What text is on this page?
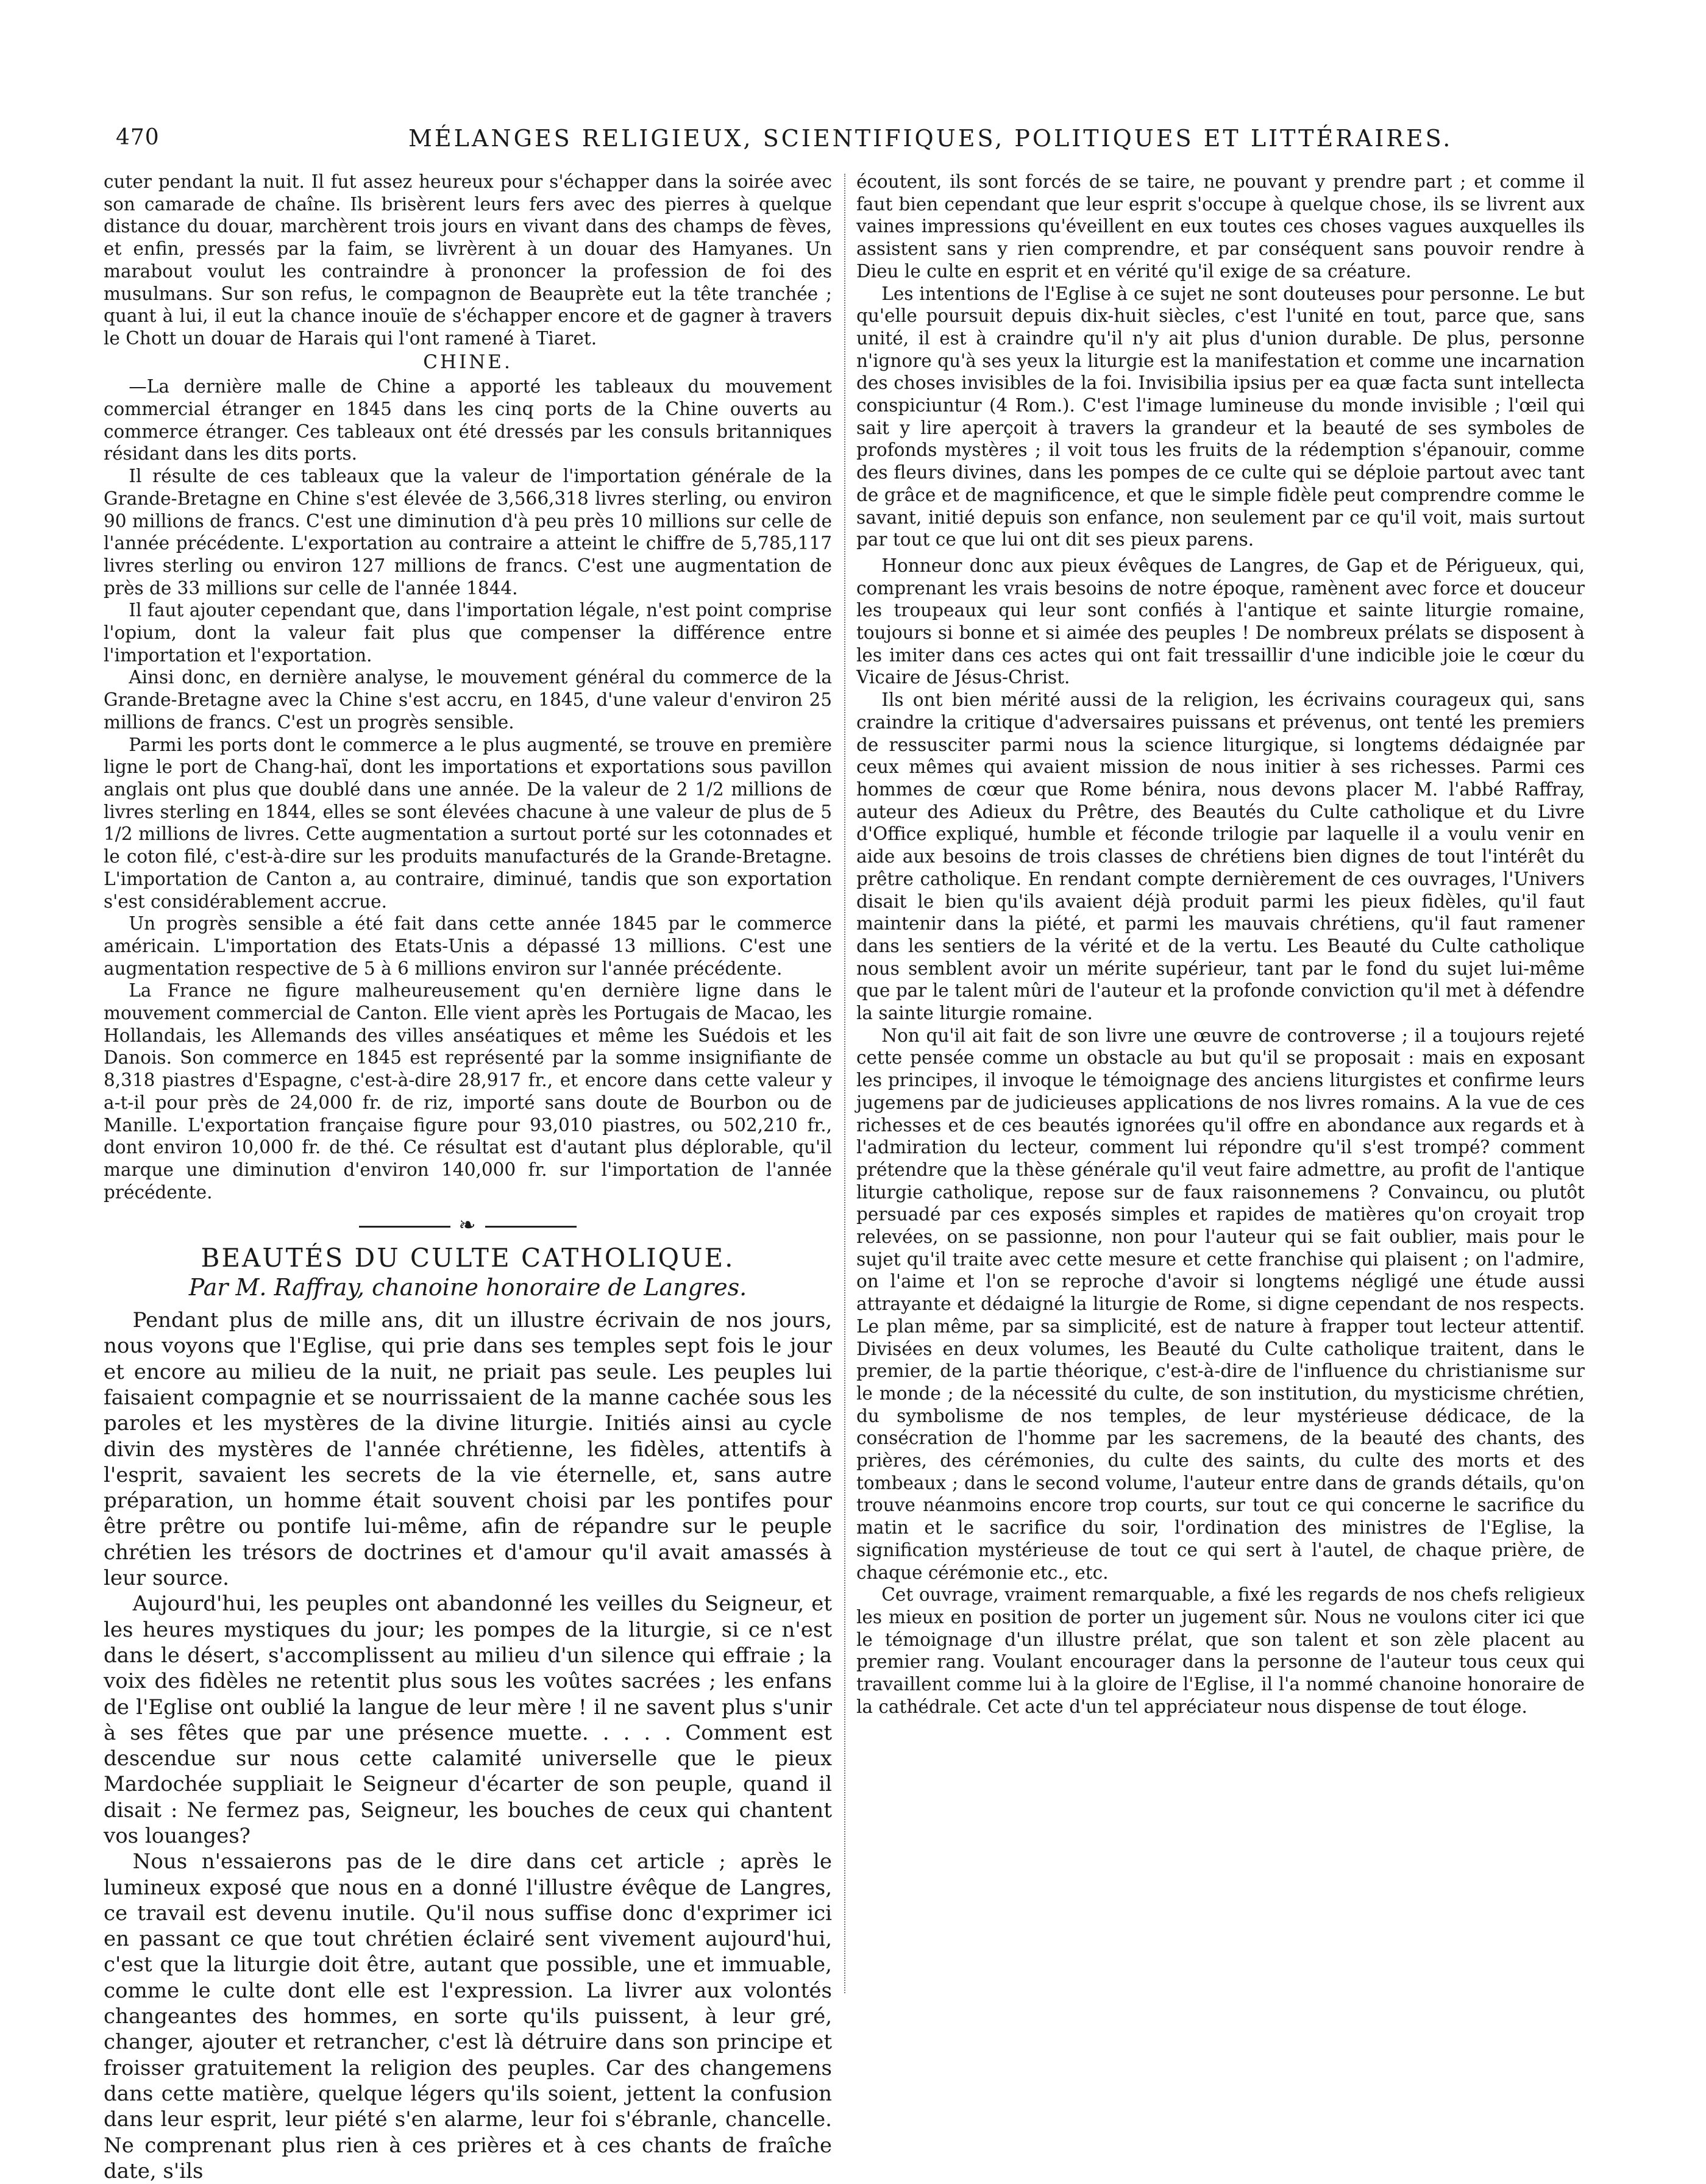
470	MÉLANGES RELIGIEUX, SCIENTIFIQUES, POLITIQUES ET LITTÉRAIRES.

cuter pendant la nuit. Il fut assez heureux pour s'échapper dans la soirée avec son camarade de chaîne. Ils brisèrent leurs fers avec des pierres à quelque distance du douar, marchèrent trois jours en vivant dans des champs de fèves, et enfin, pressés par la faim, se livrèrent à un douar des Hamyanes. Un marabout voulut les contraindre à prononcer la profession de foi des musulmans. Sur son refus, le compagnon de Beauprète eut la tête tranchée ; quant à lui, il eut la chance inouïe de s'échapper encore et de gagner à travers le Chott un douar de Harais qui l'ont ramené à Tiaret.

CHINE.

—La dernière malle de Chine a apporté les tableaux du mouvement commercial étranger en 1845 dans les cinq ports de la Chine ouverts au commerce étranger. Ces tableaux ont été dressés par les consuls britanniques résidant dans les dits ports.

Il résulte de ces tableaux que la valeur de l'importation générale de la Grande-Bretagne en Chine s'est élevée de 3,566,318 livres sterling, ou environ 90 millions de francs. C'est une diminution d'à peu près 10 millions sur celle de l'année précédente. L'exportation au contraire a atteint le chiffre de 5,785,117 livres sterling ou environ 127 millions de francs. C'est une augmentation de près de 33 millions sur celle de l'année 1844.

Il faut ajouter cependant que, dans l'importation légale, n'est point comprise l'opium, dont la valeur fait plus que compenser la différence entre l'importation et l'exportation.

Ainsi donc, en dernière analyse, le mouvement général du commerce de la Grande-Bretagne avec la Chine s'est accru, en 1845, d'une valeur d'environ 25 millions de francs. C'est un progrès sensible.

Parmi les ports dont le commerce a le plus augmenté, se trouve en première ligne le port de Chang-haï, dont les importations et exportations sous pavillon anglais ont plus que doublé dans une année. De la valeur de 2 1/2 millions de livres sterling en 1844, elles se sont élevées chacune à une valeur de plus de 5 1/2 millions de livres. Cette augmentation a surtout porté sur les cotonnades et le coton filé, c'est-à-dire sur les produits manufacturés de la Grande-Bretagne. L'importation de Canton a, au contraire, diminué, tandis que son exportation s'est considérablement accrue.

Un progrès sensible a été fait dans cette année 1845 par le commerce américain. L'importation des Etats-Unis a dépassé 13 millions. C'est une augmentation respective de 5 à 6 millions environ sur l'année précédente.

La France ne figure malheureusement qu'en dernière ligne dans le mouvement commercial de Canton. Elle vient après les Portugais de Macao, les Hollandais, les Allemands des villes anséatiques et même les Suédois et les Danois. Son commerce en 1845 est représenté par la somme insignifiante de 8,318 piastres d'Espagne, c'est-à-dire 28,917 fr., et encore dans cette valeur y a-t-il pour près de 24,000 fr. de riz, importé sans doute de Bourbon ou de Manille. L'exportation française figure pour 93,010 piastres, ou 502,210 fr., dont environ 10,000 fr. de thé. Ce résultat est d'autant plus déplorable, qu'il marque une diminution d'environ 140,000 fr. sur l'importation de l'année précédente.

❧
BEAUTÉS DU CULTE CATHOLIQUE.
Par M. Raffray, chanoine honoraire de Langres.

Pendant plus de mille ans, dit un illustre écrivain de nos jours, nous voyons que l'Eglise, qui prie dans ses temples sept fois le jour et encore au milieu de la nuit, ne priait pas seule. Les peuples lui faisaient compagnie et se nourrissaient de la manne cachée sous les paroles et les mystères de la divine liturgie. Initiés ainsi au cycle divin des mystères de l'année chrétienne, les fidèles, attentifs à l'esprit, savaient les secrets de la vie éternelle, et, sans autre préparation, un homme était souvent choisi par les pontifes pour être prêtre ou pontife lui-même, afin de répandre sur le peuple chrétien les trésors de doctrines et d'amour qu'il avait amassés à leur source.

Aujourd'hui, les peuples ont abandonné les veilles du Seigneur, et les heures mystiques du jour; les pompes de la liturgie, si ce n'est dans le désert, s'accomplissent au milieu d'un silence qui effraie ; la voix des fidèles ne retentit plus sous les voûtes sacrées ; les enfans de l'Eglise ont oublié la langue de leur mère ! il ne savent plus s'unir à ses fêtes que par une présence muette. . . . . Comment est descendue sur nous cette calamité universelle que le pieux Mardochée suppliait le Seigneur d'écarter de son peuple, quand il disait : Ne fermez pas, Seigneur, les bouches de ceux qui chantent vos louanges?

Nous n'essaierons pas de le dire dans cet article ; après le lumineux exposé que nous en a donné l'illustre évêque de Langres, ce travail est devenu inutile. Qu'il nous suffise donc d'exprimer ici en passant ce que tout chrétien éclairé sent vivement aujourd'hui, c'est que la liturgie doit être, autant que possible, une et immuable, comme le culte dont elle est l'expression. La livrer aux volontés changeantes des hommes, en sorte qu'ils puissent, à leur gré, changer, ajouter et retrancher, c'est là détruire dans son principe et froisser gratuitement la religion des peuples. Car des changemens dans cette matière, quelque légers qu'ils soient, jettent la confusion dans leur esprit, leur piété s'en alarme, leur foi s'ébranle, chancelle. Ne comprenant plus rien à ces prières et à ces chants de fraîche date, s'ils

écoutent, ils sont forcés de se taire, ne pouvant y prendre part ; et comme il faut bien cependant que leur esprit s'occupe à quelque chose, ils se livrent aux vaines impressions qu'éveillent en eux toutes ces choses vagues auxquelles ils assistent sans y rien comprendre, et par conséquent sans pouvoir rendre à Dieu le culte en esprit et en vérité qu'il exige de sa créature.

Les intentions de l'Eglise à ce sujet ne sont douteuses pour personne. Le but qu'elle poursuit depuis dix-huit siècles, c'est l'unité en tout, parce que, sans unité, il est à craindre qu'il n'y ait plus d'union durable. De plus, personne n'ignore qu'à ses yeux la liturgie est la manifestation et comme une incarnation des choses invisibles de la foi. Invisibilia ipsius per ea quæ facta sunt intellecta conspiciuntur (4 Rom.). C'est l'image lumineuse du monde invisible ; l'œil qui sait y lire aperçoit à travers la grandeur et la beauté de ses symboles de profonds mystères ; il voit tous les fruits de la rédemption s'épanouir, comme des fleurs divines, dans les pompes de ce culte qui se déploie partout avec tant de grâce et de magnificence, et que le simple fidèle peut comprendre comme le savant, initié depuis son enfance, non seulement par ce qu'il voit, mais surtout par tout ce que lui ont dit ses pieux parens.

Honneur donc aux pieux évêques de Langres, de Gap et de Périgueux, qui, comprenant les vrais besoins de notre époque, ramènent avec force et douceur les troupeaux qui leur sont confiés à l'antique et sainte liturgie romaine, toujours si bonne et si aimée des peuples ! De nombreux prélats se disposent à les imiter dans ces actes qui ont fait tressaillir d'une indicible joie le cœur du Vicaire de Jésus-Christ.

Ils ont bien mérité aussi de la religion, les écrivains courageux qui, sans craindre la critique d'adversaires puissans et prévenus, ont tenté les premiers de ressusciter parmi nous la science liturgique, si longtems dédaignée par ceux mêmes qui avaient mission de nous initier à ses richesses. Parmi ces hommes de cœur que Rome bénira, nous devons placer M. l'abbé Raffray, auteur des Adieux du Prêtre, des Beautés du Culte catholique et du Livre d'Office expliqué, humble et féconde trilogie par laquelle il a voulu venir en aide aux besoins de trois classes de chrétiens bien dignes de tout l'intérêt du prêtre catholique. En rendant compte dernièrement de ces ouvrages, l'Univers disait le bien qu'ils avaient déjà produit parmi les pieux fidèles, qu'il faut maintenir dans la piété, et parmi les mauvais chrétiens, qu'il faut ramener dans les sentiers de la vérité et de la vertu. Les Beauté du Culte catholique nous semblent avoir un mérite supérieur, tant par le fond du sujet lui-même que par le talent mûri de l'auteur et la profonde conviction qu'il met à défendre la sainte liturgie romaine.

Non qu'il ait fait de son livre une œuvre de controverse ; il a toujours rejeté cette pensée comme un obstacle au but qu'il se proposait : mais en exposant les principes, il invoque le témoignage des anciens liturgistes et confirme leurs jugemens par de judicieuses applications de nos livres romains. A la vue de ces richesses et de ces beautés ignorées qu'il offre en abondance aux regards et à l'admiration du lecteur, comment lui répondre qu'il s'est trompé? comment prétendre que la thèse générale qu'il veut faire admettre, au profit de l'antique liturgie catholique, repose sur de faux raisonnemens ? Convaincu, ou plutôt persuadé par ces exposés simples et rapides de matières qu'on croyait trop relevées, on se passionne, non pour l'auteur qui se fait oublier, mais pour le sujet qu'il traite avec cette mesure et cette franchise qui plaisent ; on l'admire, on l'aime et l'on se reproche d'avoir si longtems négligé une étude aussi attrayante et dédaigné la liturgie de Rome, si digne cependant de nos respects. Le plan même, par sa simplicité, est de nature à frapper tout lecteur attentif. Divisées en deux volumes, les Beauté du Culte catholique traitent, dans le premier, de la partie théorique, c'est-à-dire de l'influence du christianisme sur le monde ; de la nécessité du culte, de son institution, du mysticisme chrétien, du symbolisme de nos temples, de leur mystérieuse dédicace, de la consécration de l'homme par les sacremens, de la beauté des chants, des prières, des cérémonies, du culte des saints, du culte des morts et des tombeaux ; dans le second volume, l'auteur entre dans de grands détails, qu'on trouve néanmoins encore trop courts, sur tout ce qui concerne le sacrifice du matin et le sacrifice du soir, l'ordination des ministres de l'Eglise, la signification mystérieuse de tout ce qui sert à l'autel, de chaque prière, de chaque cérémonie etc., etc.

Cet ouvrage, vraiment remarquable, a fixé les regards de nos chefs religieux les mieux en position de porter un jugement sûr. Nous ne voulons citer ici que le témoignage d'un illustre prélat, que son talent et son zèle placent au premier rang. Voulant encourager dans la personne de l'auteur tous ceux qui travaillent comme lui à la gloire de l'Eglise, il l'a nommé chanoine honoraire de la cathédrale. Cet acte d'un tel appréciateur nous dispense de tout éloge.
